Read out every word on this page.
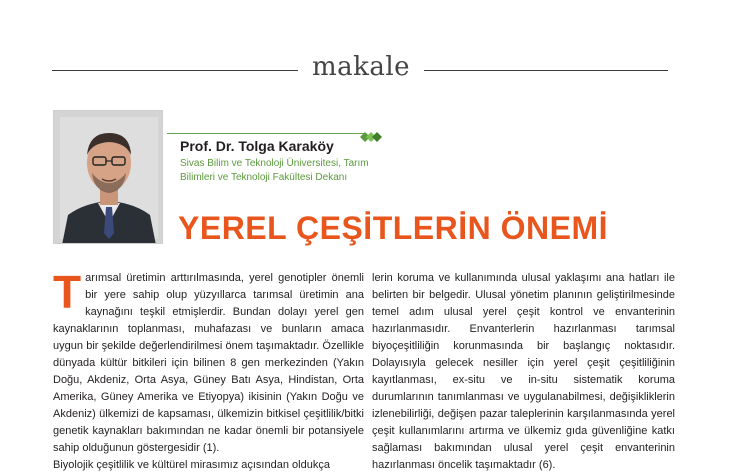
makale
Prof. Dr. Tolga Karaköy
Sivas Bilim ve Teknoloji Üniversitesi, Tarım
Bilimleri ve Teknoloji Fakültesi Dekanı
YEREL ÇEŞİTLERİN ÖNEMİ

Tarımsal üretimin arttırılmasında, yerel genotipler önemli bir yere sahip olup yüzyıllarca tarımsal üretimin ana kaynağını teşkil etmişlerdir. Bundan dolayı yerel gen kaynaklarının toplanması, muhafazası ve bunların amaca uygun bir şekilde değerlendirilmesi önem taşımaktadır. Özellikle dünyada kültür bitkileri için bilinen 8 gen merkezinden (Yakın Doğu, Akdeniz, Orta Asya, Güney Batı Asya, Hindistan, Orta Amerika, Güney Amerika ve Etiyopya) ikisinin (Yakın Doğu ve Akdeniz) ülkemizi de kapsaması, ülkemizin bitkisel çeşitlilik/bitki genetik kaynakları bakımından ne kadar önemli bir potansiyele sahip olduğunun göstergesidir (1).

Biyolojik çeşitlilik ve kültürel mirasımız açısından oldukça

lerin koruma ve kullanımında ulusal yaklaşımı ana hatları ile belirten bir belgedir. Ulusal yönetim planının geliştirilmesinde temel adım ulusal yerel çeşit kontrol ve envanterinin hazırlanmasıdır. Envanterlerin hazırlanması tarımsal biyoçeşitliliğin korunmasında bir başlangıç noktasıdır. Dolayısıyla gelecek nesiller için yerel çeşit çeşitliliğinin kayıtlanması, ex-situ ve in-situ sistematik koruma durumlarının tanımlanması ve uygulanabilmesi, değişikliklerin izlenebilirliği, değişen pazar taleplerinin karşılanmasında yerel çeşit kullanımlarını artırma ve ülkemiz gıda güvenliğine katkı sağlaması bakımından ulusal yerel çeşit envanterinin hazırlanması öncelik taşımaktadır (6).
